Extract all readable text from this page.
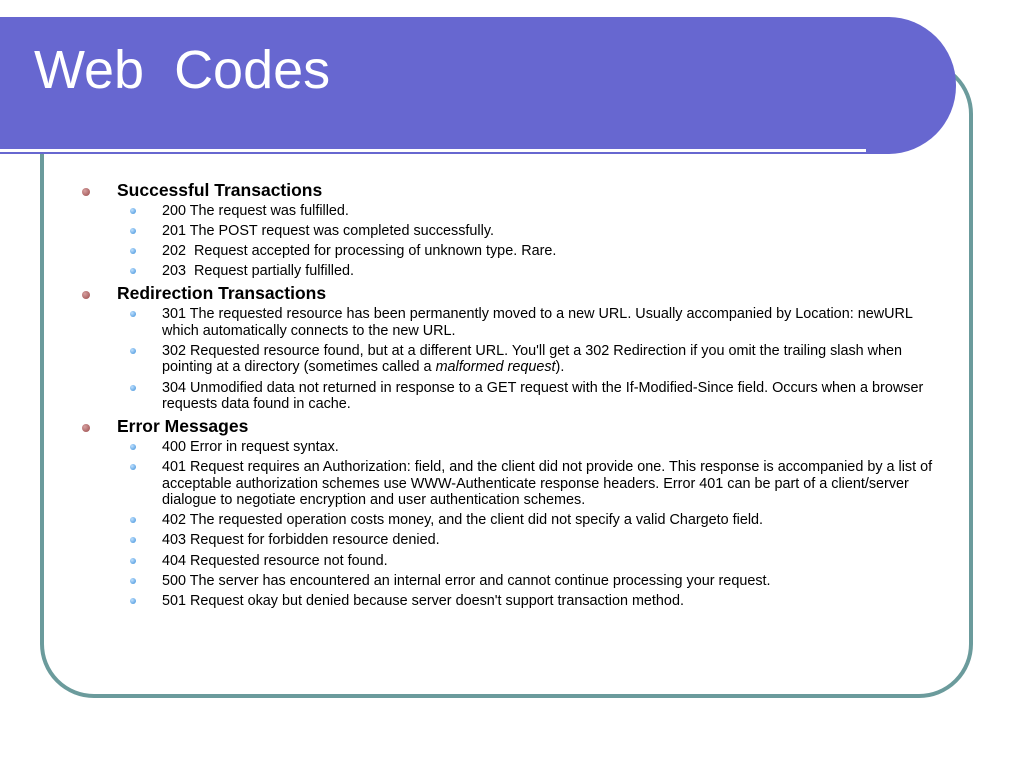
Web  Codes
Successful Transactions
200 The request was fulfilled.
201 The POST request was completed successfully.
202  Request accepted for processing of unknown type. Rare.
203  Request partially fulfilled.
Redirection Transactions
301 The requested resource has been permanently moved to a new URL. Usually accompanied by Location: newURL which automatically connects to the new URL.
302 Requested resource found, but at a different URL. You'll get a 302 Redirection if you omit the trailing slash when pointing at a directory (sometimes called a malformed request).
304 Unmodified data not returned in response to a GET request with the If-Modified-Since field. Occurs when a browser requests data found in cache.
Error Messages
400 Error in request syntax.
401 Request requires an Authorization: field, and the client did not provide one. This response is accompanied by a list of acceptable authorization schemes use WWW-Authenticate response headers. Error 401 can be part of a client/server dialogue to negotiate encryption and user authentication schemes.
402 The requested operation costs money, and the client did not specify a valid Chargeto field.
403 Request for forbidden resource denied.
404 Requested resource not found.
500 The server has encountered an internal error and cannot continue processing your request.
501 Request okay but denied because server doesn't support transaction method.
